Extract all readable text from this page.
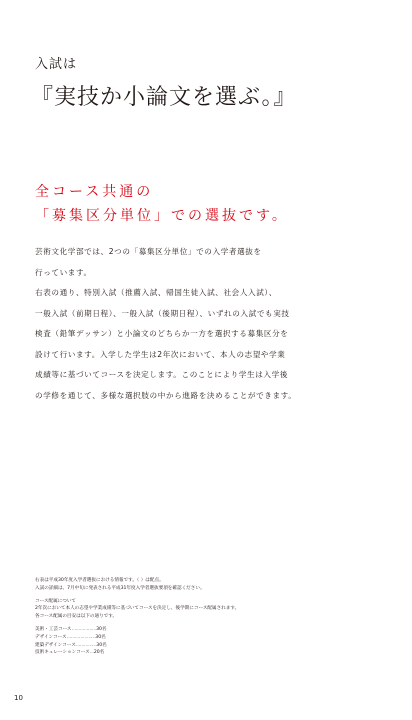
入試は
『実技か小論文を選ぶ。』
全コース共通の
「募集区分単位」での選抜です。
芸術文化学部では、2つの「募集区分単位」での入学者選抜を
行っています。
右表の通り、特別入試（推薦入試、帰国生徒入試、社会人入試）、
一般入試（前期日程）、一般入試（後期日程）、いずれの入試でも実技
検査（鉛筆デッサン）と小論文のどちらか一方を選択する募集区分を
設けて行います。入学した学生は2年次において、本人の志望や学業
成績等に基づいてコースを決定します。このことにより学生は入学後
の学修を通じて、多様な選択肢の中から進路を決めることができます。
右表は平成30年度入学者選抜における情報です。（ ）は配点。
入試の詳細は、7月中旬に発表される平成31年度入学者選抜要項を確認ください。
コース配属について
2年次において本人の志望や学業成績等に基づいてコースを決定し、後学期にコース配属されます。
各コース配属の目安は以下の通りです。
美術・工芸コース ……………… 30名
デザインコース ………………… 30名
建築デザインコース …………… 30名
技術キュレーションコース … 20名
10
